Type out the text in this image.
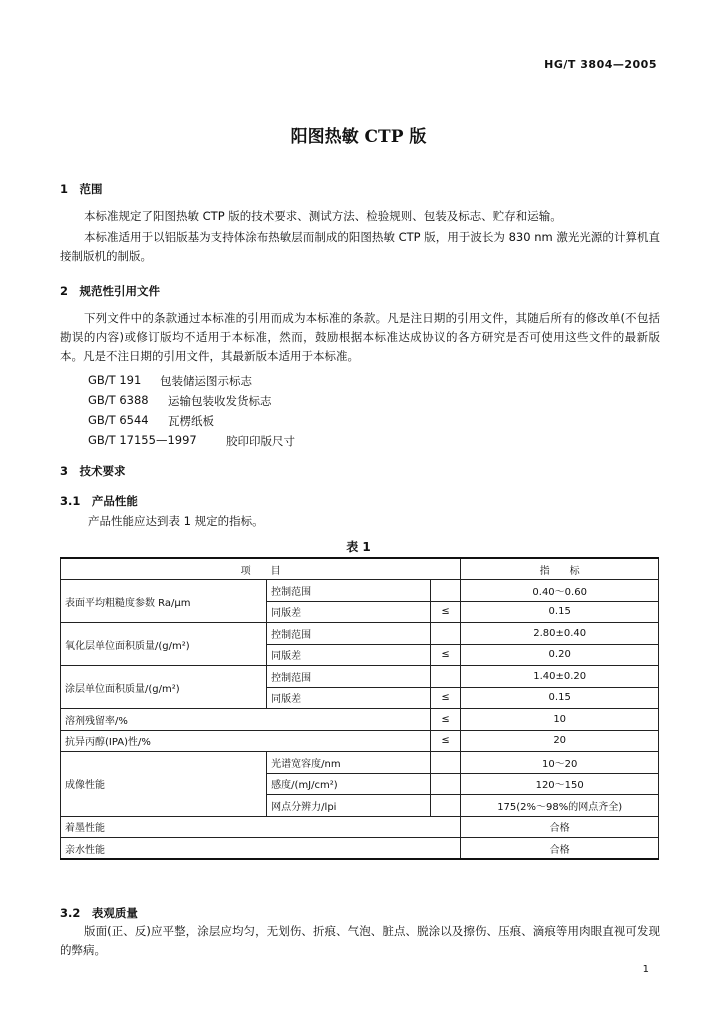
HG/T 3804—2005
阳图热敏 CTP 版
1　范围
本标准规定了阳图热敏 CTP 版的技术要求、测试方法、检验规则、包装及标志、贮存和运输。
本标准适用于以铝版基为支持体涂布热敏层而制成的阳图热敏 CTP 版，用于波长为 830 nm 激光光源的计算机直接制版机的制版。
2　规范性引用文件
下列文件中的条款通过本标准的引用而成为本标准的条款。凡是注日期的引用文件，其随后所有的修改单(不包括勘误的内容)或修订版均不适用于本标准，然而，鼓励根据本标准达成协议的各方研究是否可使用这些文件的最新版本。凡是不注日期的引用文件，其最新版本适用于本标准。
GB/T 191 包装储运图示标志
GB/T 6388 运输包装收发货标志
GB/T 6544 瓦楞纸板
GB/T 17155—1997	胶印印版尺寸
3　技术要求
3.1　产品性能
产品性能应达到表 1 规定的指标。
表 1
项　　目			指　　标
表面平均粗糙度参数 Ra/μm	控制范围		0.40～0.60
	同版差	≤	0.15
氧化层单位面积质量/(g/m²)	控制范围		2.80±0.40
	同版差	≤	0.20
涂层单位面积质量/(g/m²)	控制范围		1.40±0.20
	同版差	≤	0.15
溶剂残留率/%		≤	10
抗异丙醇(IPA)性/%		≤	20
成像性能	光谱宽容度/nm		10～20
	感度/(mJ/cm²)		120～150
	网点分辨力/lpi		175(2%～98%的网点齐全)
着墨性能			合格
亲水性能			合格
3.2　表观质量
版面(正、反)应平整，涂层应均匀，无划伤、折痕、气泡、脏点、脱涂以及擦伤、压痕、滴痕等用肉眼直视可发现的弊病。
1
